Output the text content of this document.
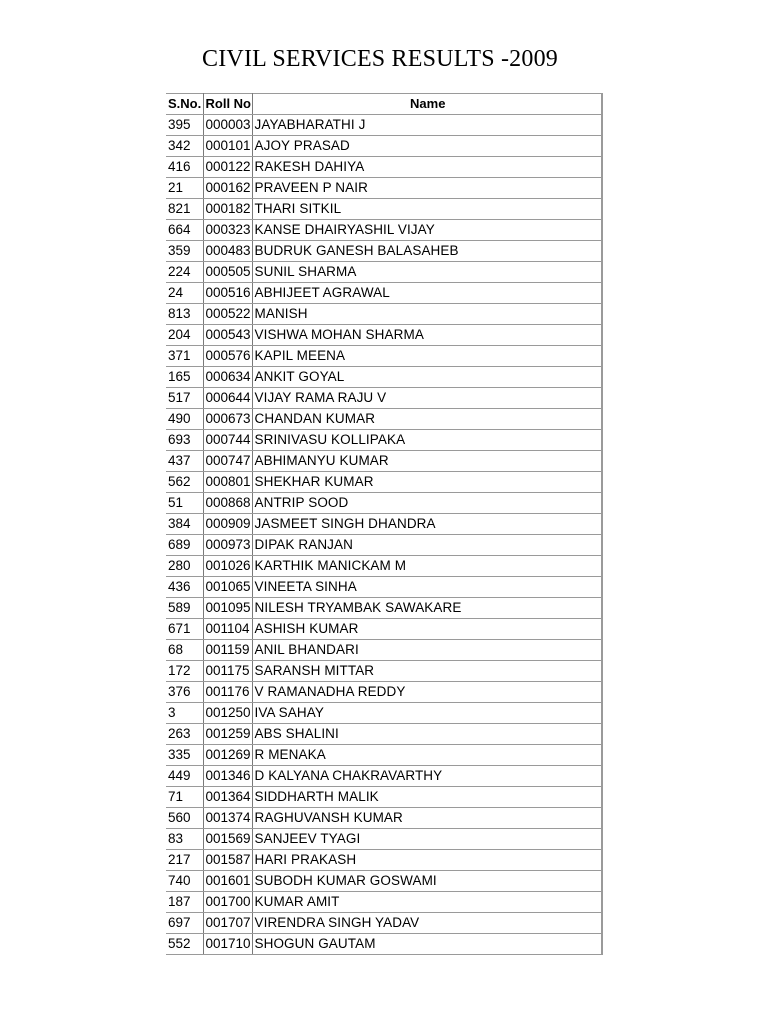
CIVIL SERVICES RESULTS -2009
S.No.	Roll No	Name
395	000003	JAYABHARATHI J
342	000101	AJOY PRASAD
416	000122	RAKESH DAHIYA
21	000162	PRAVEEN P NAIR
821	000182	THARI SITKIL
664	000323	KANSE DHAIRYASHIL VIJAY
359	000483	BUDRUK GANESH BALASAHEB
224	000505	SUNIL SHARMA
24	000516	ABHIJEET AGRAWAL
813	000522	MANISH
204	000543	VISHWA MOHAN SHARMA
371	000576	KAPIL MEENA
165	000634	ANKIT GOYAL
517	000644	VIJAY RAMA RAJU V
490	000673	CHANDAN KUMAR
693	000744	SRINIVASU KOLLIPAKA
437	000747	ABHIMANYU KUMAR
562	000801	SHEKHAR KUMAR
51	000868	ANTRIP SOOD
384	000909	JASMEET SINGH DHANDRA
689	000973	DIPAK RANJAN
280	001026	KARTHIK MANICKAM M
436	001065	VINEETA SINHA
589	001095	NILESH TRYAMBAK SAWAKARE
671	001104	ASHISH KUMAR
68	001159	ANIL BHANDARI
172	001175	SARANSH MITTAR
376	001176	V RAMANADHA REDDY
3	001250	IVA SAHAY
263	001259	ABS SHALINI
335	001269	R MENAKA
449	001346	D KALYANA CHAKRAVARTHY
71	001364	SIDDHARTH MALIK
560	001374	RAGHUVANSH KUMAR
83	001569	SANJEEV TYAGI
217	001587	HARI PRAKASH
740	001601	SUBODH KUMAR GOSWAMI
187	001700	KUMAR AMIT
697	001707	VIRENDRA SINGH YADAV
552	001710	SHOGUN GAUTAM
